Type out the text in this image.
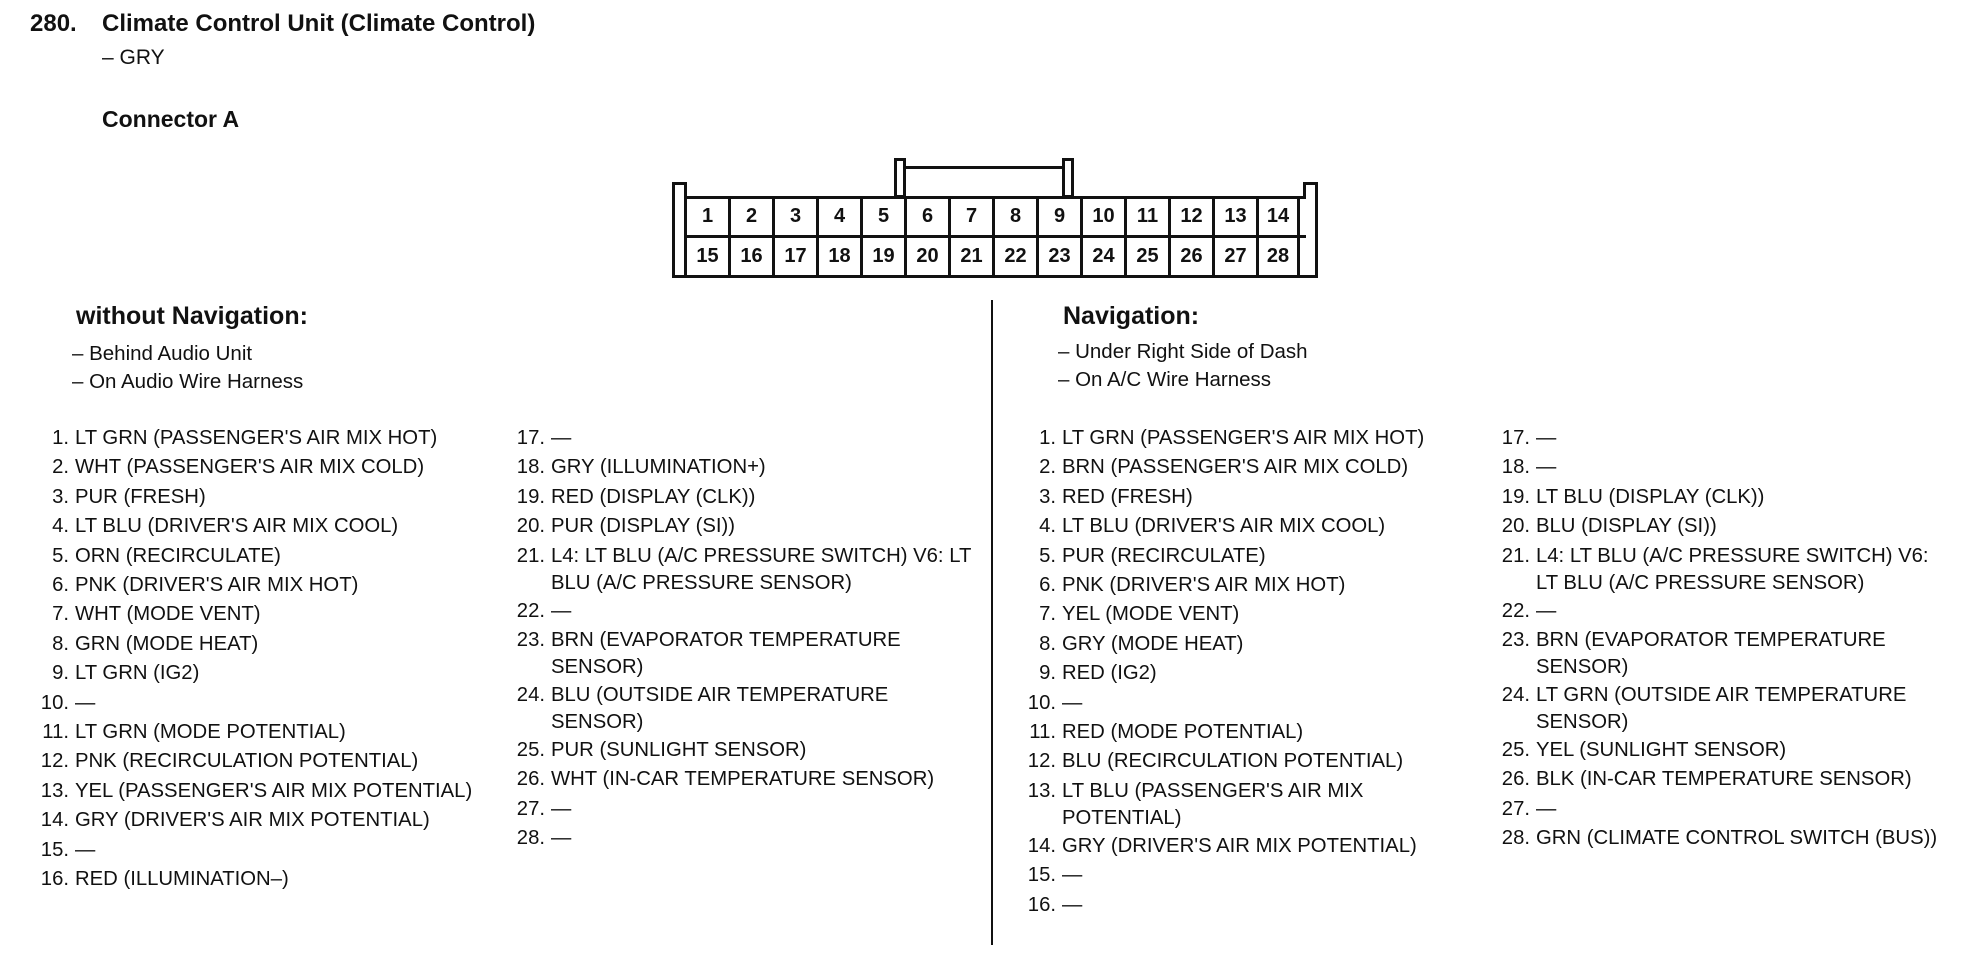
280. Climate Control Unit (Climate Control)
– GRY
Connector A
1	2	3	4	5	6	7	8	9	10	11	12	13	14
15	16	17	18	19	20	21	22	23	24	25	26	27	28
without Navigation:
– Behind Audio Unit
– On Audio Wire Harness
1. LT GRN (PASSENGER'S AIR MIX HOT)
2. WHT (PASSENGER'S AIR MIX COLD)
3. PUR (FRESH)
4. LT BLU (DRIVER'S AIR MIX COOL)
5. ORN (RECIRCULATE)
6. PNK (DRIVER'S AIR MIX HOT)
7. WHT (MODE VENT)
8. GRN (MODE HEAT)
9. LT GRN (IG2)
10. —
11. LT GRN (MODE POTENTIAL)
12. PNK (RECIRCULATION POTENTIAL)
13. YEL (PASSENGER'S AIR MIX POTENTIAL)
14. GRY (DRIVER'S AIR MIX POTENTIAL)
15. —
16. RED (ILLUMINATION–)
17. —
18. GRY (ILLUMINATION+)
19. RED (DISPLAY (CLK))
20. PUR (DISPLAY (SI))
21. L4: LT BLU (A/C PRESSURE SWITCH) V6: LT BLU (A/C PRESSURE SENSOR)
22. —
23. BRN (EVAPORATOR TEMPERATURE SENSOR)
24. BLU (OUTSIDE AIR TEMPERATURE SENSOR)
25. PUR (SUNLIGHT SENSOR)
26. WHT (IN-CAR TEMPERATURE SENSOR)
27. —
28. —
Navigation:
– Under Right Side of Dash
– On A/C Wire Harness
1. LT GRN (PASSENGER'S AIR MIX HOT)
2. BRN (PASSENGER'S AIR MIX COLD)
3. RED (FRESH)
4. LT BLU (DRIVER'S AIR MIX COOL)
5. PUR (RECIRCULATE)
6. PNK (DRIVER'S AIR MIX HOT)
7. YEL (MODE VENT)
8. GRY (MODE HEAT)
9. RED (IG2)
10. —
11. RED (MODE POTENTIAL)
12. BLU (RECIRCULATION POTENTIAL)
13. LT BLU (PASSENGER'S AIR MIX POTENTIAL)
14. GRY (DRIVER'S AIR MIX POTENTIAL)
15. —
16. —
17. —
18. —
19. LT BLU (DISPLAY (CLK))
20. BLU (DISPLAY (SI))
21. L4: LT BLU (A/C PRESSURE SWITCH) V6: LT BLU (A/C PRESSURE SENSOR)
22. —
23. BRN (EVAPORATOR TEMPERATURE SENSOR)
24. LT GRN (OUTSIDE AIR TEMPERATURE SENSOR)
25. YEL (SUNLIGHT SENSOR)
26. BLK (IN-CAR TEMPERATURE SENSOR)
27. —
28. GRN (CLIMATE CONTROL SWITCH (BUS))
